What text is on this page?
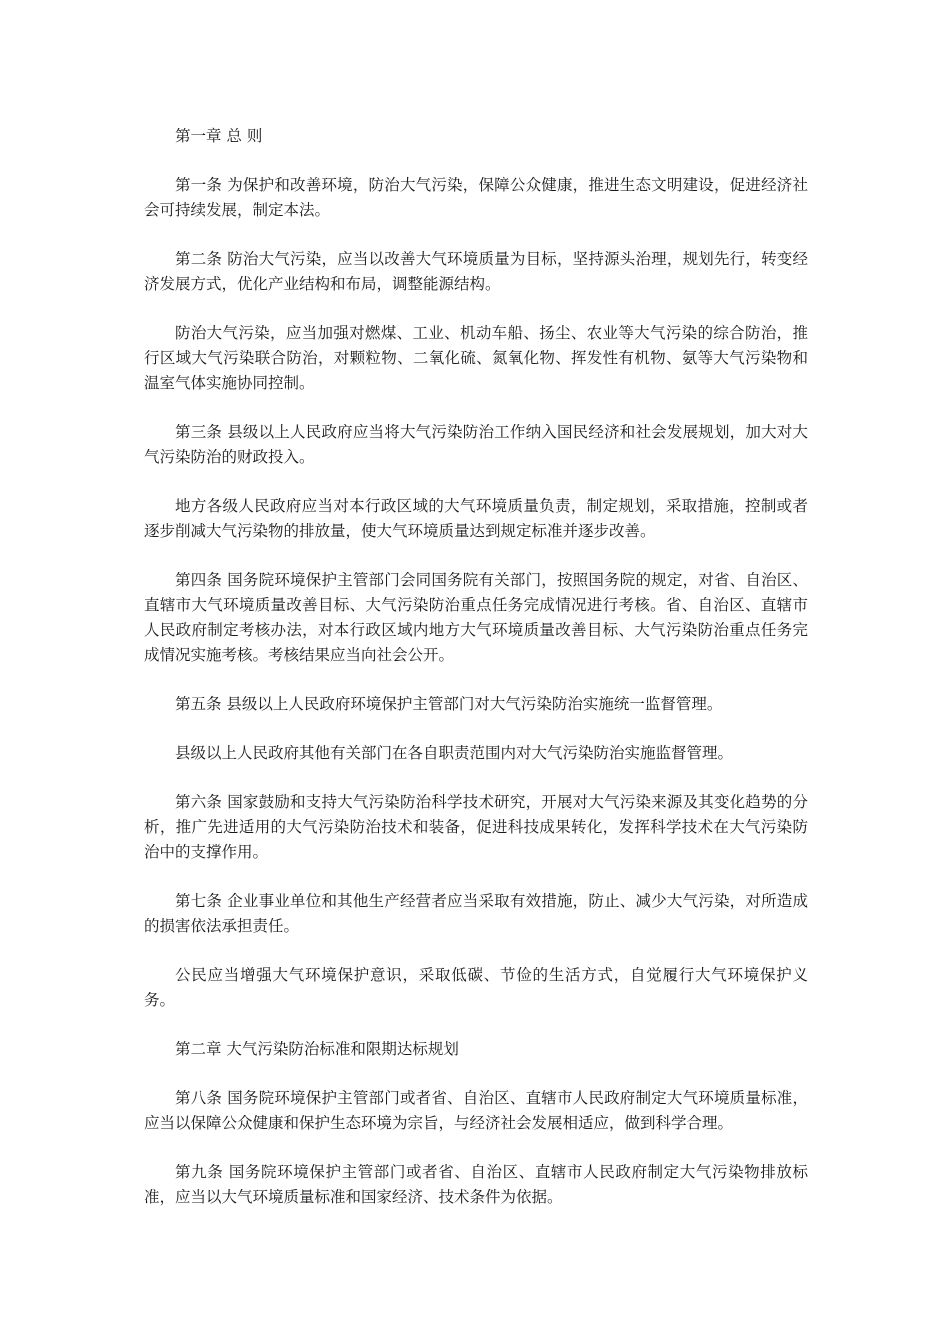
第一章 总 则

第一条 为保护和改善环境，防治大气污染，保障公众健康，推进生态文明建设，促进经济社会可持续发展，制定本法。

第二条 防治大气污染，应当以改善大气环境质量为目标，坚持源头治理，规划先行，转变经济发展方式，优化产业结构和布局，调整能源结构。

防治大气污染，应当加强对燃煤、工业、机动车船、扬尘、农业等大气污染的综合防治，推行区域大气污染联合防治，对颗粒物、二氧化硫、氮氧化物、挥发性有机物、氨等大气污染物和温室气体实施协同控制。

第三条 县级以上人民政府应当将大气污染防治工作纳入国民经济和社会发展规划，加大对大气污染防治的财政投入。

地方各级人民政府应当对本行政区域的大气环境质量负责，制定规划，采取措施，控制或者逐步削减大气污染物的排放量，使大气环境质量达到规定标准并逐步改善。

第四条 国务院环境保护主管部门会同国务院有关部门，按照国务院的规定，对省、自治区、直辖市大气环境质量改善目标、大气污染防治重点任务完成情况进行考核。省、自治区、直辖市人民政府制定考核办法，对本行政区域内地方大气环境质量改善目标、大气污染防治重点任务完成情况实施考核。考核结果应当向社会公开。

第五条 县级以上人民政府环境保护主管部门对大气污染防治实施统一监督管理。

县级以上人民政府其他有关部门在各自职责范围内对大气污染防治实施监督管理。

第六条 国家鼓励和支持大气污染防治科学技术研究，开展对大气污染来源及其变化趋势的分析，推广先进适用的大气污染防治技术和装备，促进科技成果转化，发挥科学技术在大气污染防治中的支撑作用。

第七条 企业事业单位和其他生产经营者应当采取有效措施，防止、减少大气污染，对所造成的损害依法承担责任。

公民应当增强大气环境保护意识，采取低碳、节俭的生活方式，自觉履行大气环境保护义务。

第二章 大气污染防治标准和限期达标规划

第八条 国务院环境保护主管部门或者省、自治区、直辖市人民政府制定大气环境质量标准，应当以保障公众健康和保护生态环境为宗旨，与经济社会发展相适应，做到科学合理。

第九条 国务院环境保护主管部门或者省、自治区、直辖市人民政府制定大气污染物排放标准，应当以大气环境质量标准和国家经济、技术条件为依据。
